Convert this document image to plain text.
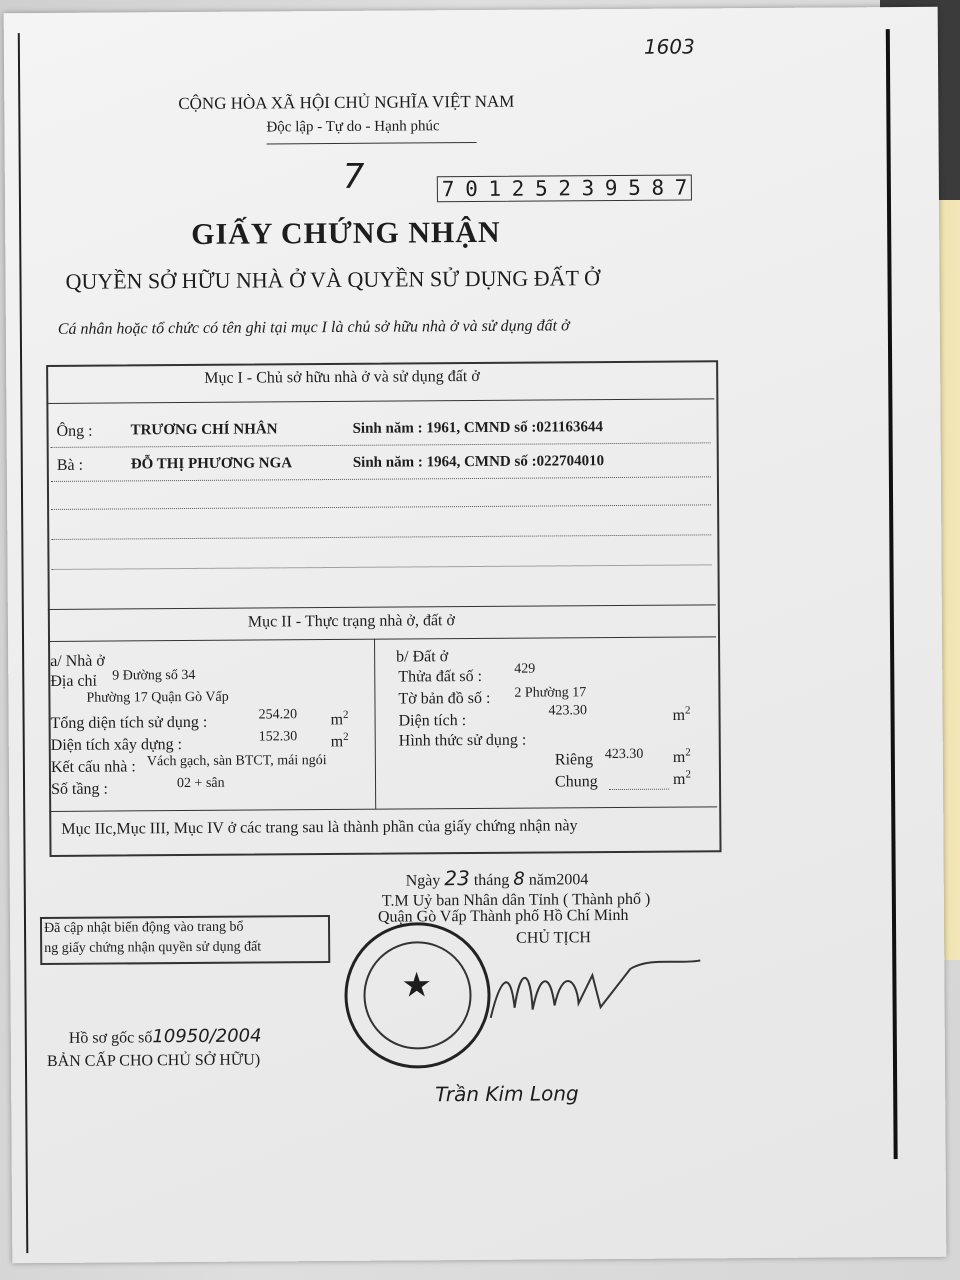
1603
CỘNG HÒA XÃ HỘI CHỦ NGHĨA VIỆT NAM
Độc lập - Tự do - Hạnh phúc
7	7 0 1 2 5 2 3 9 5 8 7
GIẤY CHỨNG NHẬN
QUYỀN SỞ HỮU NHÀ Ở VÀ QUYỀN SỬ DỤNG ĐẤT Ở
Cá nhân hoặc tổ chức có tên ghi tại mục I là chủ sở hữu nhà ở và sử dụng đất ở
Mục I - Chủ sở hữu nhà ở và sử dụng đất ở
Ông :	TRƯƠNG CHÍ NHÂN	Sinh năm : 1961, CMND số :021163644
Bà :	ĐỖ THỊ PHƯƠNG NGA	Sinh năm : 1964, CMND số :022704010
Mục II - Thực trạng nhà ở, đất ở
a/ Nhà ở
Địa chỉ 9 Đường số 34
Phường 17 Quận Gò Vấp
Tổng diện tích sử dụng :	254.20 $m^2$
Diện tích xây dựng :	152.30 $m^2$
Kết cấu nhà : Vách gạch, sàn BTCT, mái ngói
Số tầng :	02 + sân
b/ Đất ở
Thửa đất số : 429
Tờ bản đồ số : 2 Phường 17
Diện tích :
423.30	$m^2$
Hình thức sử dụng :
Riêng 423.30 $m^2$
Chung	$m^2$
Mục IIc,Mục III, Mục IV ở các trang sau là thành phần của giấy chứng nhận này
Ngày 23 tháng 8 năm2004
T.M Uỷ ban Nhân dân Tỉnh ( Thành phố )
Quận Gò Vấp Thành phố Hồ Chí Minh
CHỦ TỊCH
★
Trần Kim Long
Đã cập nhật biến động vào trang bổ
ng giấy chứng nhận quyền sử dụng đất
Hồ sơ gốc số10950/2004
BẢN CẤP CHO CHỦ SỞ HỮU)
